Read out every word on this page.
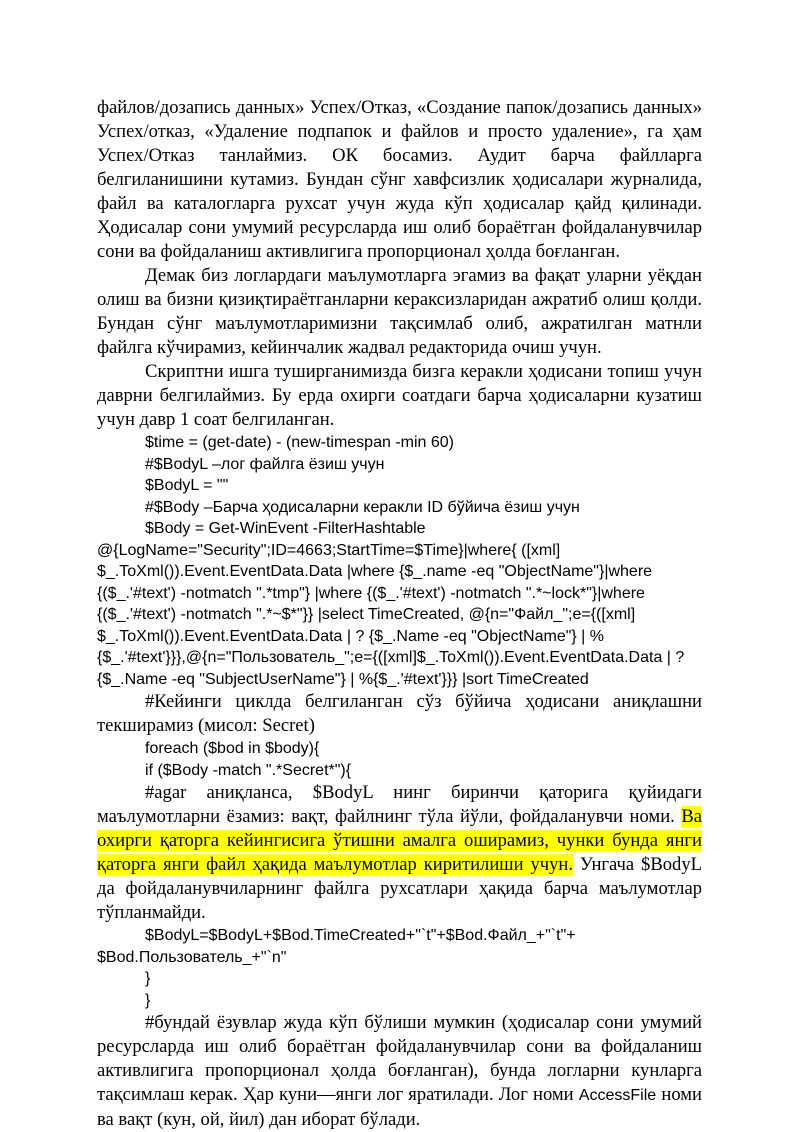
файлов/дозапись данных» Успех/Отказ, «Создание папок/дозапись данных» Успех/отказ, «Удаление подпапок и файлов и просто удаление», га ҳам Успех/Отказ танлаймиз. ОК босамиз. Аудит барча файлларга белгиланишини кутамиз. Бундан сўнг хавфсизлик ҳодисалари журналида, файл ва каталогларга рухсат учун жуда кўп ҳодисалар қайд қилинади. Ҳодисалар сони умумий ресурсларда иш олиб бораётган фойдаланувчилар сони ва фойдаланиш активлигига пропорционал ҳолда боғланган.

Демак биз логлардаги маълумотларга эгамиз ва фақат уларни уёқдан олиш ва бизни қизиқтираётганларни кераксизларидан ажратиб олиш қолди. Бундан сўнг маълумотларимизни тақсимлаб олиб, ажратилган матнли файлга кўчирамиз, кейинчалик жадвал редакторида очиш учун.

Скриптни ишга туширганимизда бизга керакли ҳодисани топиш учун даврни белгилаймиз. Бу ерда охирги соатдаги барча ҳодисаларни кузатиш учун давр 1 соат белгиланган.

$time = (get-date) - (new-timespan -min 60)

#$BodyL –лог файлга ёзиш учун

$BodyL = ""

#$Body –Барча ҳодисаларни керакли ID бўйича ёзиш учун

$Body = Get-WinEvent -FilterHashtable

@{LogName="Security";ID=4663;StartTime=$Time}|where{ ([xml] $_.ToXml()).Event.EventData.Data |where {$_.name -eq "ObjectName"}|where {($_.'#text') -notmatch ".*tmp"} |where {($_.'#text') -notmatch ".*~lock*"}|where {($_.'#text') -notmatch ".*~$*"}} |select TimeCreated, @{n="Файл_";e={([xml] $_.ToXml()).Event.EventData.Data | ? {$_.Name -eq "ObjectName"} | %{$_.'#text'}}},@{n="Пользователь_";e={([xml]$_.ToXml()).Event.EventData.Data | ? {$_.Name -eq "SubjectUserName"} | %{$_.'#text'}}} |sort TimeCreated

#Кейинги циклда белгиланган сўз бўйича ҳодисани аниқлашни текширамиз (мисол: Secret)

foreach ($bod in $body){

if ($Body -match ".*Secret*"){

#agar аниқланса, $BodyL нинг биринчи қаторига қуйидаги маълумотларни ёзамиз: вақт, файлнинг тўла йўли, фойдаланувчи номи. Ва охирги қаторга кейингисига ўтишни амалга оширамиз, чунки бунда янги қаторга янги файл ҳақида маълумотлар киритилиши учун. Унгача $BodyL да фойдаланувчиларнинг файлга рухсатлари ҳақида барча маълумотлар тўпланмайди.

$BodyL=$BodyL+$Bod.TimeCreated+"`t"+$Bod.Файл_+"`t"+

$Bod.Пользователь_+"`n"

}

}

#бундай ёзувлар жуда кўп бўлиши мумкин (ҳодисалар сони умумий ресурсларда иш олиб бораётган фойдаланувчилар сони ва фойдаланиш активлигига пропорционал ҳолда боғланган), бунда логларни кунларга тақсимлаш керак. Ҳар куни—янги лог яратилади. Лог номи AccessFile номи ва вақт (кун, ой, йил) дан иборат бўлади.
